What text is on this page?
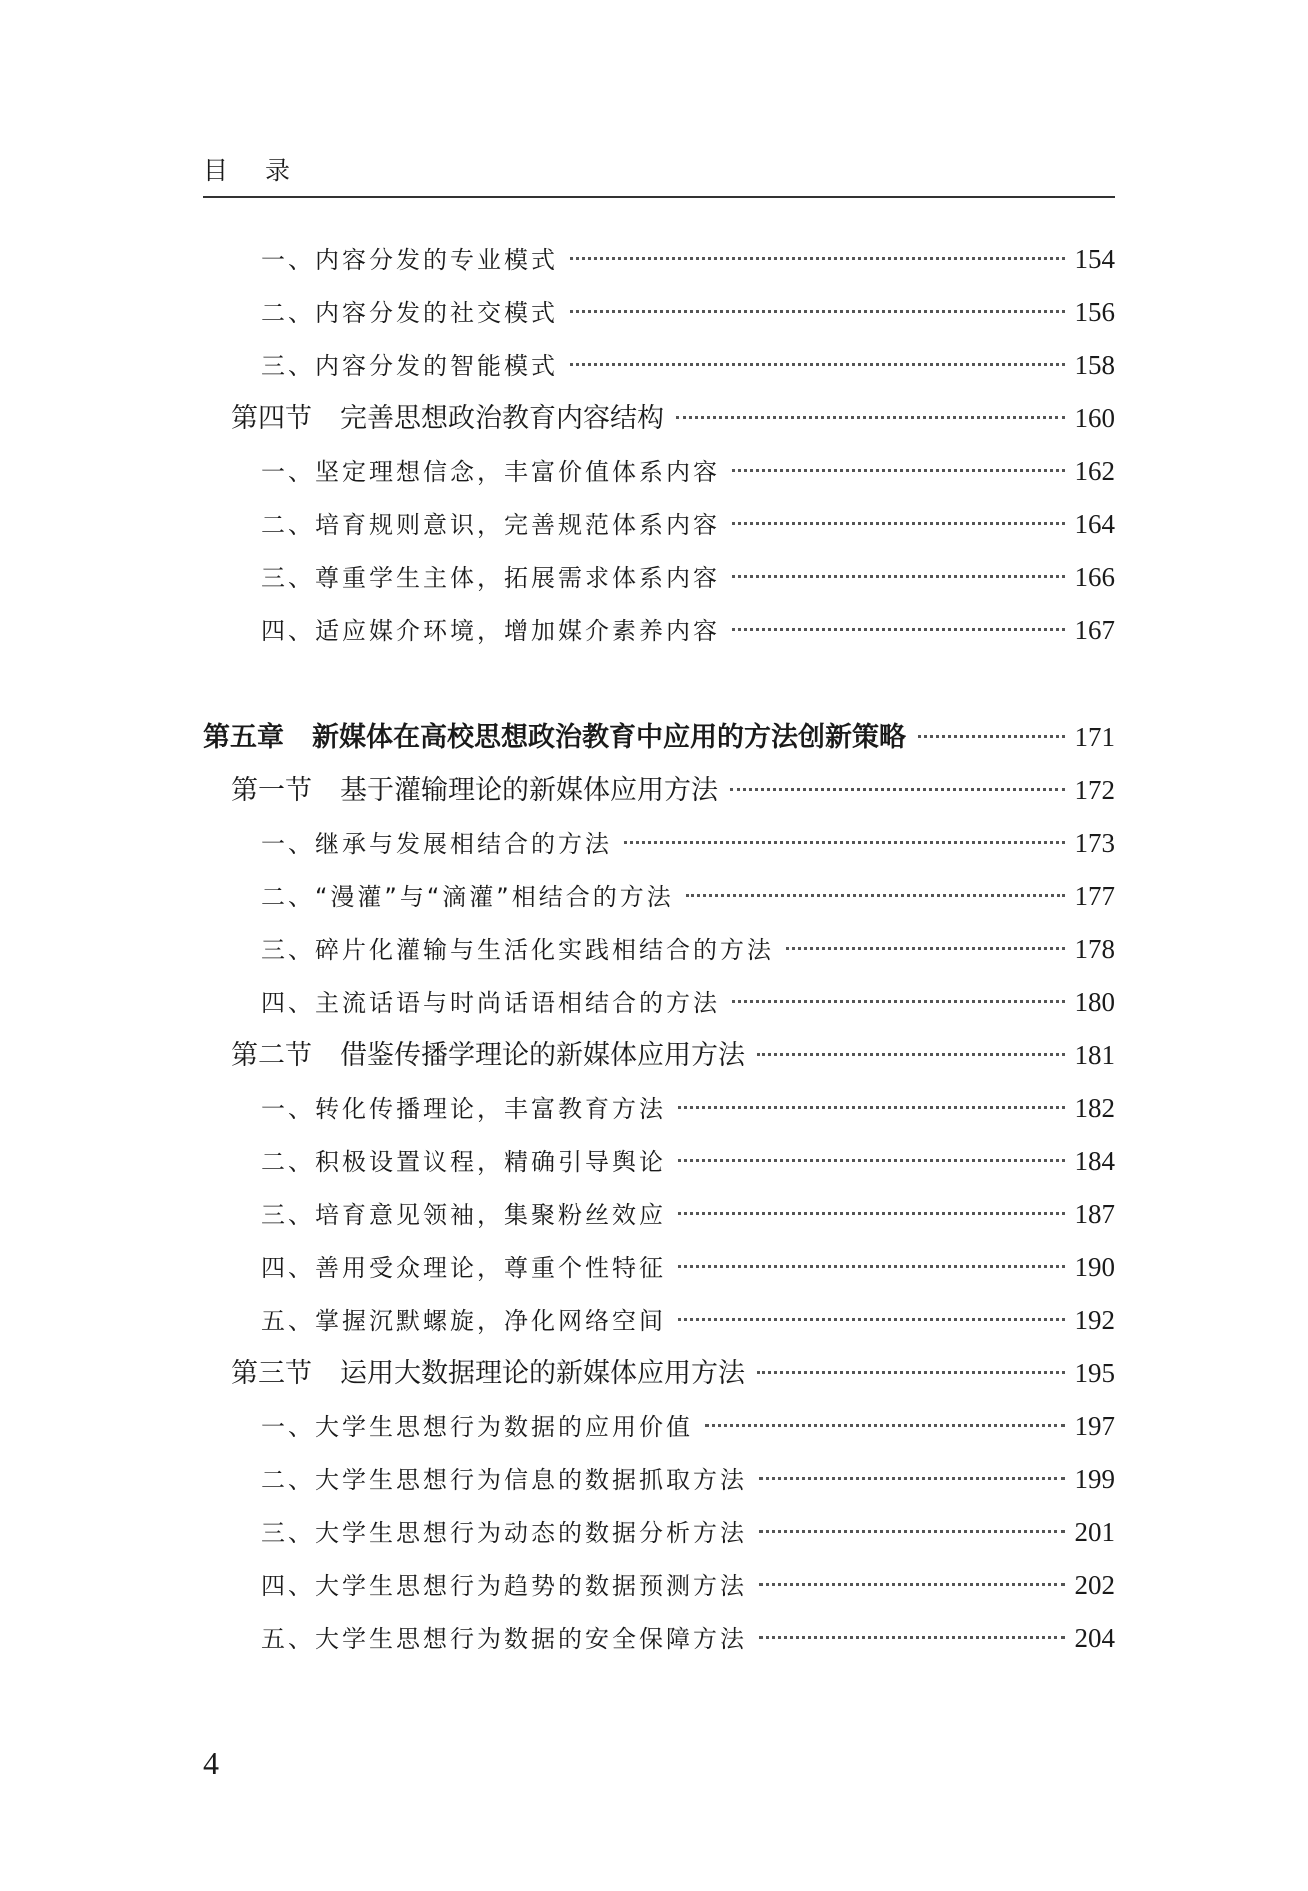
目录
一、内容分发的专业模式	154
二、内容分发的社交模式	156
三、内容分发的智能模式	158
第四节 完善思想政治教育内容结构	160
一、坚定理想信念，丰富价值体系内容	162
二、培育规则意识，完善规范体系内容	164
三、尊重学生主体，拓展需求体系内容	166
四、适应媒介环境，增加媒介素养内容	167
第五章 新媒体在高校思想政治教育中应用的方法创新策略	171
第一节 基于灌输理论的新媒体应用方法	172
一、继承与发展相结合的方法	173
二、“漫灌”与“滴灌”相结合的方法	177
三、碎片化灌输与生活化实践相结合的方法	178
四、主流话语与时尚话语相结合的方法	180
第二节 借鉴传播学理论的新媒体应用方法	181
一、转化传播理论，丰富教育方法	182
二、积极设置议程，精确引导舆论	184
三、培育意见领袖，集聚粉丝效应	187
四、善用受众理论，尊重个性特征	190
五、掌握沉默螺旋，净化网络空间	192
第三节 运用大数据理论的新媒体应用方法	195
一、大学生思想行为数据的应用价值	197
二、大学生思想行为信息的数据抓取方法	199
三、大学生思想行为动态的数据分析方法	201
四、大学生思想行为趋势的数据预测方法	202
五、大学生思想行为数据的安全保障方法	204
4
